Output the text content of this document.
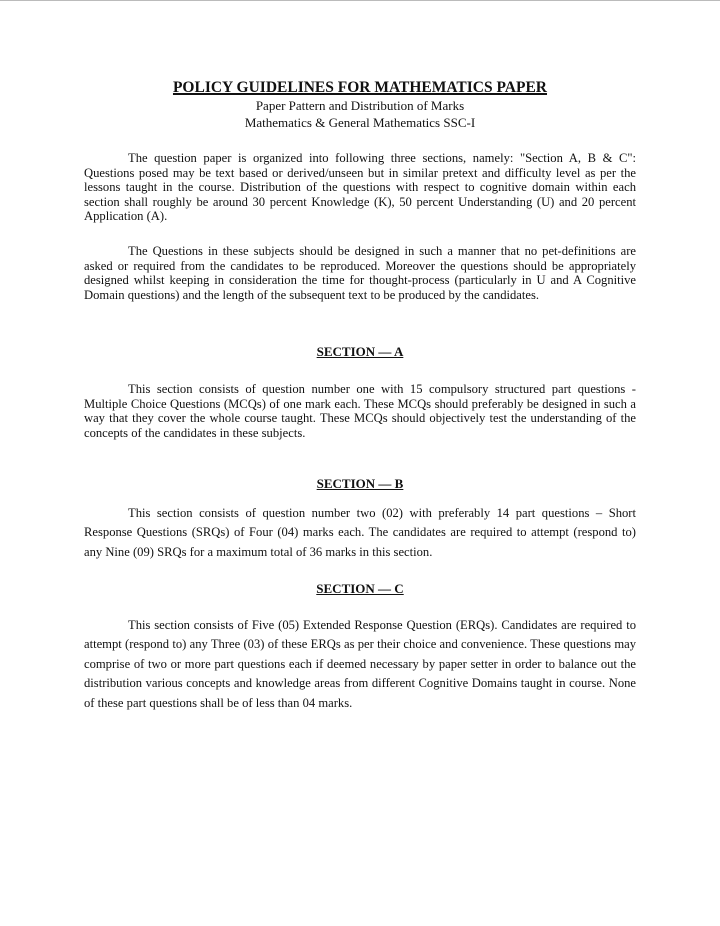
POLICY GUIDELINES FOR MATHEMATICS PAPER
Paper Pattern and Distribution of Marks
Mathematics & General Mathematics SSC-I

The question paper is organized into following three sections, namely: "Section A, B & C": Questions posed may be text based or derived/unseen but in similar pretext and difficulty level as per the lessons taught in the course. Distribution of the questions with respect to cognitive domain within each section shall roughly be around 30 percent Knowledge (K), 50 percent Understanding (U) and 20 percent Application (A).

The Questions in these subjects should be designed in such a manner that no pet-definitions are asked or required from the candidates to be reproduced. Moreover the questions should be appropriately designed whilst keeping in consideration the time for thought-process (particularly in U and A Cognitive Domain questions) and the length of the subsequent text to be produced by the candidates.

SECTION — A

This section consists of question number one with 15 compulsory structured part questions - Multiple Choice Questions (MCQs) of one mark each. These MCQs should preferably be designed in such a way that they cover the whole course taught. These MCQs should objectively test the understanding of the concepts of the candidates in these subjects.

SECTION — B

This section consists of question number two (02) with preferably 14 part questions – Short Response Questions (SRQs) of Four (04) marks each. The candidates are required to attempt (respond to) any Nine (09) SRQs for a maximum total of 36 marks in this section.

SECTION — C

This section consists of Five (05) Extended Response Question (ERQs). Candidates are required to attempt (respond to) any Three (03) of these ERQs as per their choice and convenience. These questions may comprise of two or more part questions each if deemed necessary by paper setter in order to balance out the distribution various concepts and knowledge areas from different Cognitive Domains taught in course. None of these part questions shall be of less than 04 marks.
